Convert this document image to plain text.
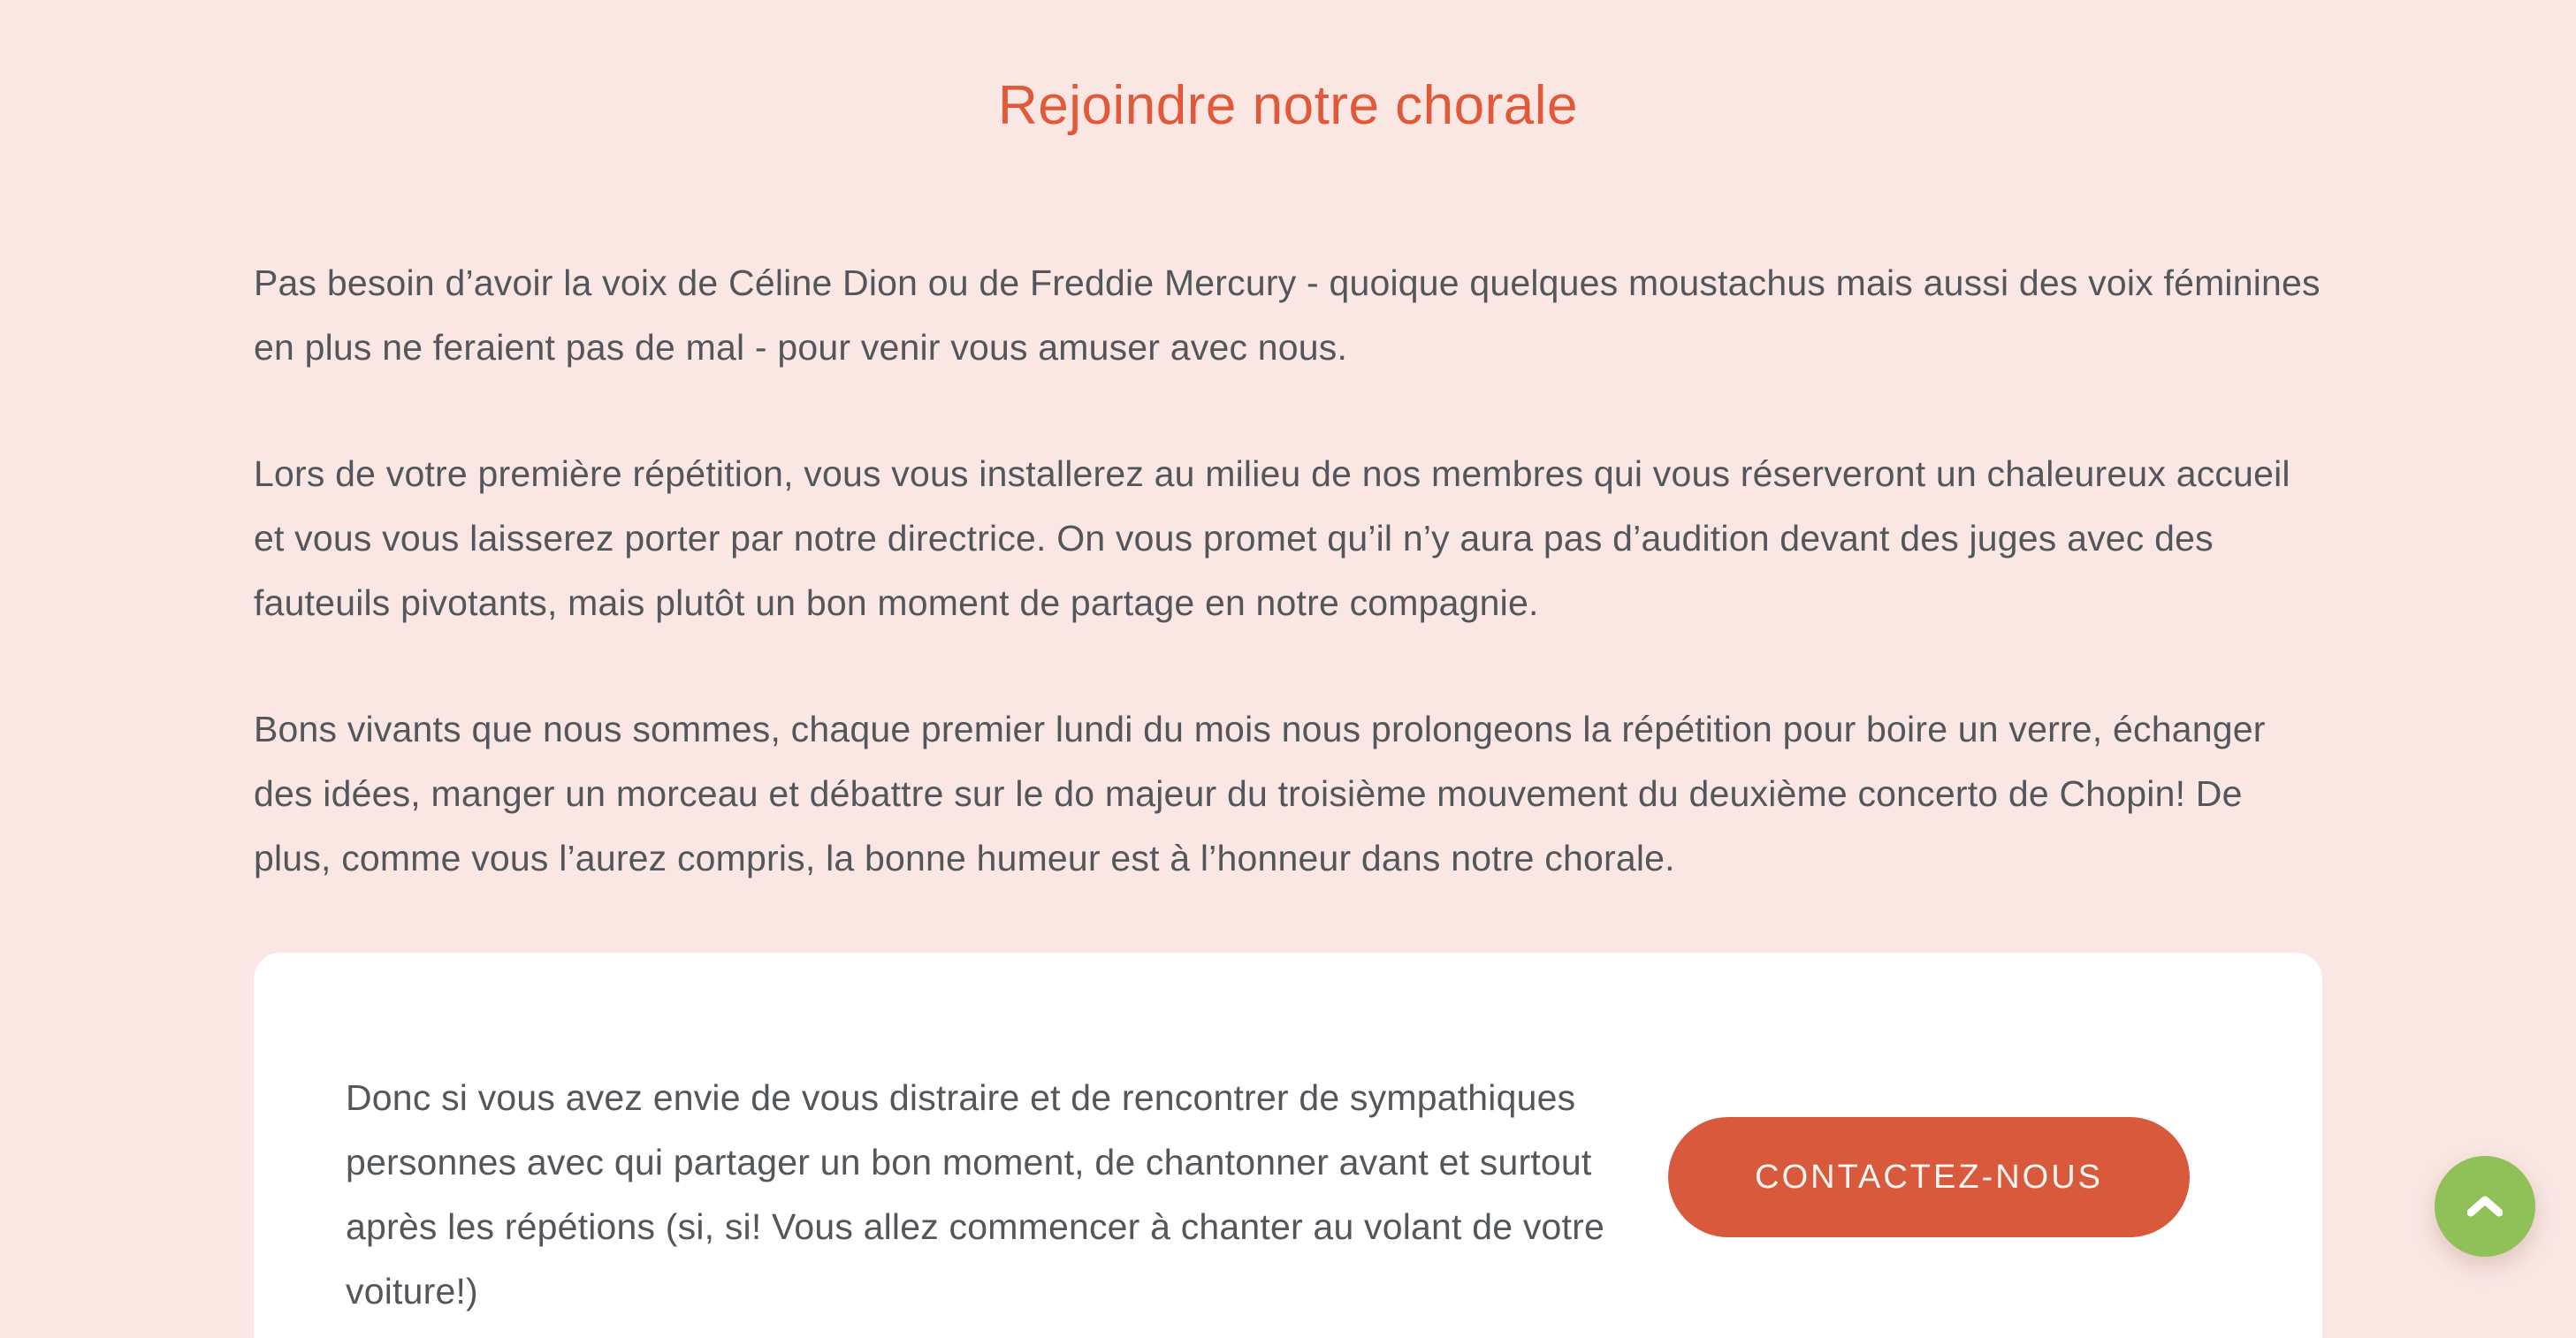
Rejoindre notre chorale

Pas besoin d’avoir la voix de Céline Dion ou de Freddie Mercury - quoique quelques moustachus mais aussi des voix féminines en plus ne feraient pas de mal - pour venir vous amuser avec nous.

Lors de votre première répétition, vous vous installerez au milieu de nos membres qui vous réserveront un chaleureux accueil et vous vous laisserez porter par notre directrice. On vous promet qu’il n’y aura pas d’audition devant des juges avec des fauteuils pivotants, mais plutôt un bon moment de partage en notre compagnie.

Bons vivants que nous sommes, chaque premier lundi du mois nous prolongeons la répétition pour boire un verre, échanger des idées, manger un morceau et débattre sur le do majeur du troisième mouvement du deuxième concerto de Chopin! De plus, comme vous l’aurez compris, la bonne humeur est à l’honneur dans notre chorale.

Donc si vous avez envie de vous distraire et de rencontrer de sympathiques personnes avec qui partager un bon moment, de chantonner avant et surtout après les répétions (si, si! Vous allez commencer à chanter au volant de votre voiture!)
CONTACTEZ-NOUS
